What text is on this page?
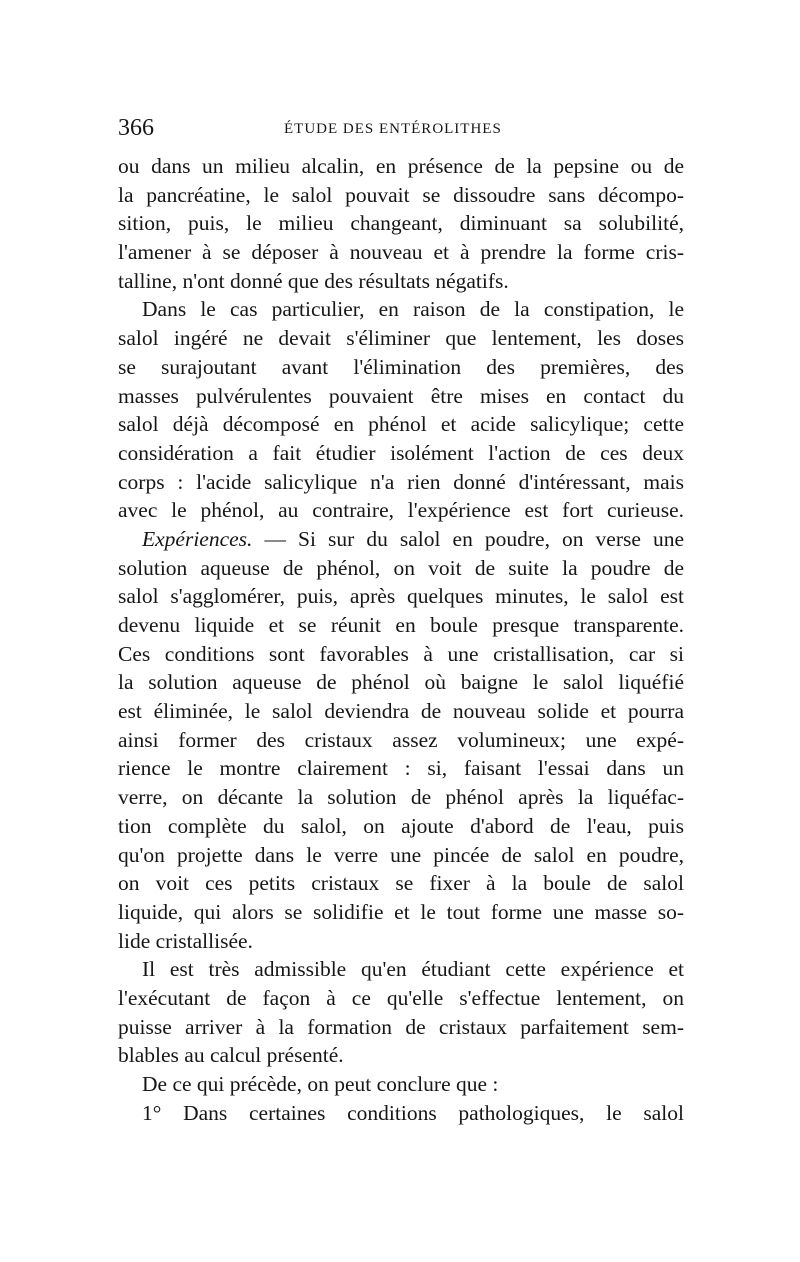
366	ÉTUDE DES ENTÉROLITHES
ou dans un milieu alcalin, en présence de la pepsine ou de
la pancréatine, le salol pouvait se dissoudre sans décompo-
sition, puis, le milieu changeant, diminuant sa solubilité,
l'amener à se déposer à nouveau et à prendre la forme cris-
talline, n'ont donné que des résultats négatifs.
Dans le cas particulier, en raison de la constipation, le
salol ingéré ne devait s'éliminer que lentement, les doses
se surajoutant avant l'élimination des premières, des
masses pulvérulentes pouvaient être mises en contact du
salol déjà décomposé en phénol et acide salicylique; cette
considération a fait étudier isolément l'action de ces deux
corps : l'acide salicylique n'a rien donné d'intéressant, mais
avec le phénol, au contraire, l'expérience est fort curieuse.
Expériences. — Si sur du salol en poudre, on verse une
solution aqueuse de phénol, on voit de suite la poudre de
salol s'agglomérer, puis, après quelques minutes, le salol est
devenu liquide et se réunit en boule presque transparente.
Ces conditions sont favorables à une cristallisation, car si
la solution aqueuse de phénol où baigne le salol liquéfié
est éliminée, le salol deviendra de nouveau solide et pourra
ainsi former des cristaux assez volumineux; une expé-
rience le montre clairement : si, faisant l'essai dans un
verre, on décante la solution de phénol après la liquéfac-
tion complète du salol, on ajoute d'abord de l'eau, puis
qu'on projette dans le verre une pincée de salol en poudre,
on voit ces petits cristaux se fixer à la boule de salol
liquide, qui alors se solidifie et le tout forme une masse so-
lide cristallisée.
Il est très admissible qu'en étudiant cette expérience et
l'exécutant de façon à ce qu'elle s'effectue lentement, on
puisse arriver à la formation de cristaux parfaitement sem-
blables au calcul présenté.
De ce qui précède, on peut conclure que :
1° Dans certaines conditions pathologiques, le salol
